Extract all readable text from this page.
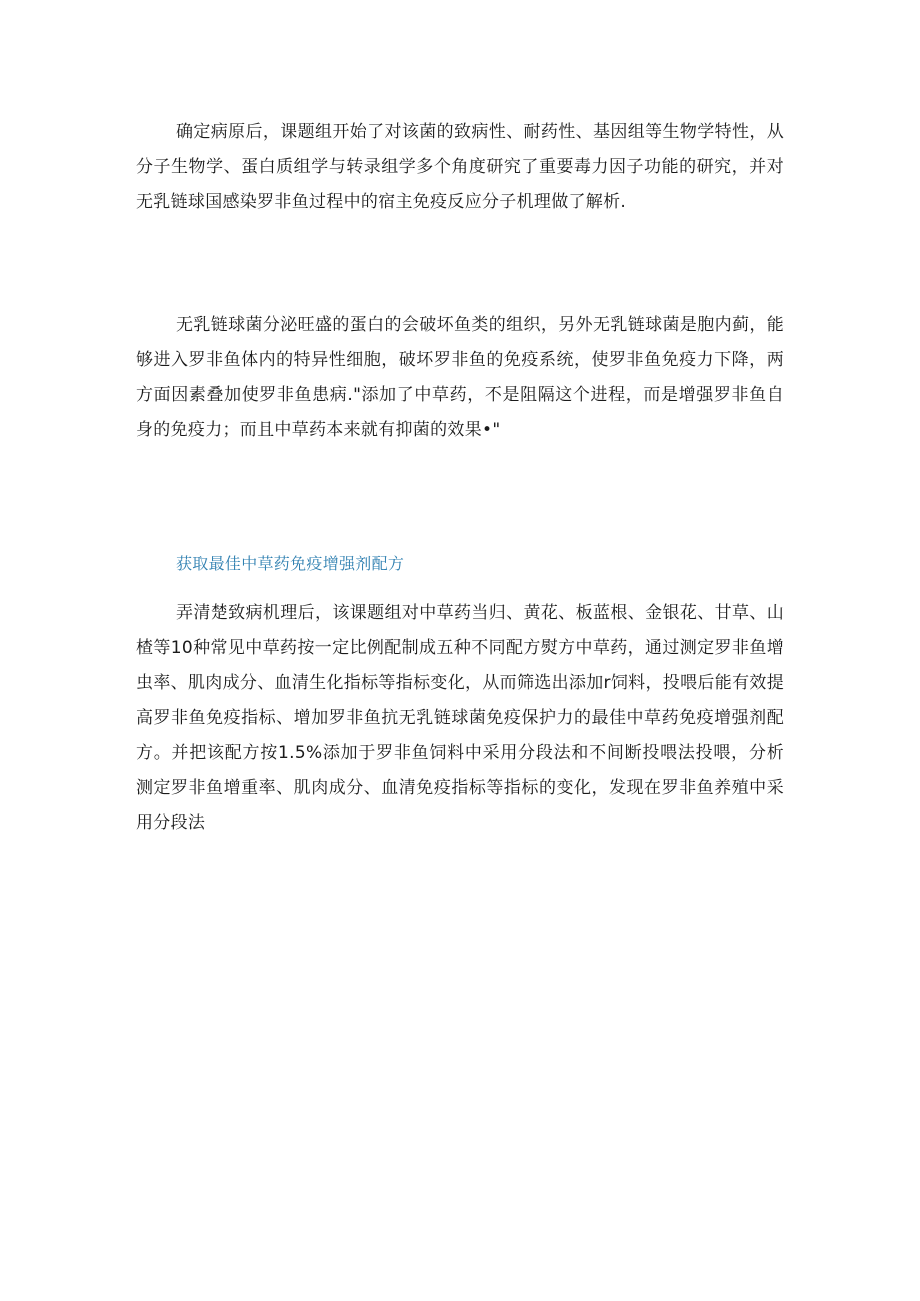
确定病原后，课题组开始了对该菌的致病性、耐药性、基因组等生物学特性，从分子生物学、蛋白质组学与转录组学多个角度研究了重要毒力因子功能的研究，并对无乳链球国感染罗非鱼过程中的宿主免疫反应分子机理做了解析.

无乳链球菌分泌旺盛的蛋白的会破坏鱼类的组织，另外无乳链球菌是胞内蓟，能够进入罗非鱼体内的特异性细胞，破坏罗非鱼的免疫系统，使罗非鱼免疫力下降，两方面因素叠加使罗非鱼患病."添加了中草药，不是阻隔这个进程，而是增强罗非鱼自身的免疫力；而且中草药本来就有抑菌的效果•"

获取最佳中草药免疫增强剂配方

弄清楚致病机理后，该课题组对中草药当归、黄花、板蓝根、金银花、甘草、山楂等10种常见中草药按一定比例配制成五种不同配方熨方中草药，通过测定罗非鱼增虫率、肌肉成分、血清生化指标等指标变化，从而筛选出添加r饲料，投喂后能有效提高罗非鱼免疫指标、增加罗非鱼抗无乳链球菌免疫保护力的最佳中草药免疫增强剂配方。并把该配方按1.5%添加于罗非鱼饲料中采用分段法和不间断投喂法投喂，分析测定罗非鱼增重率、肌肉成分、血清免疫指标等指标的变化，发现在罗非鱼养殖中采用分段法
